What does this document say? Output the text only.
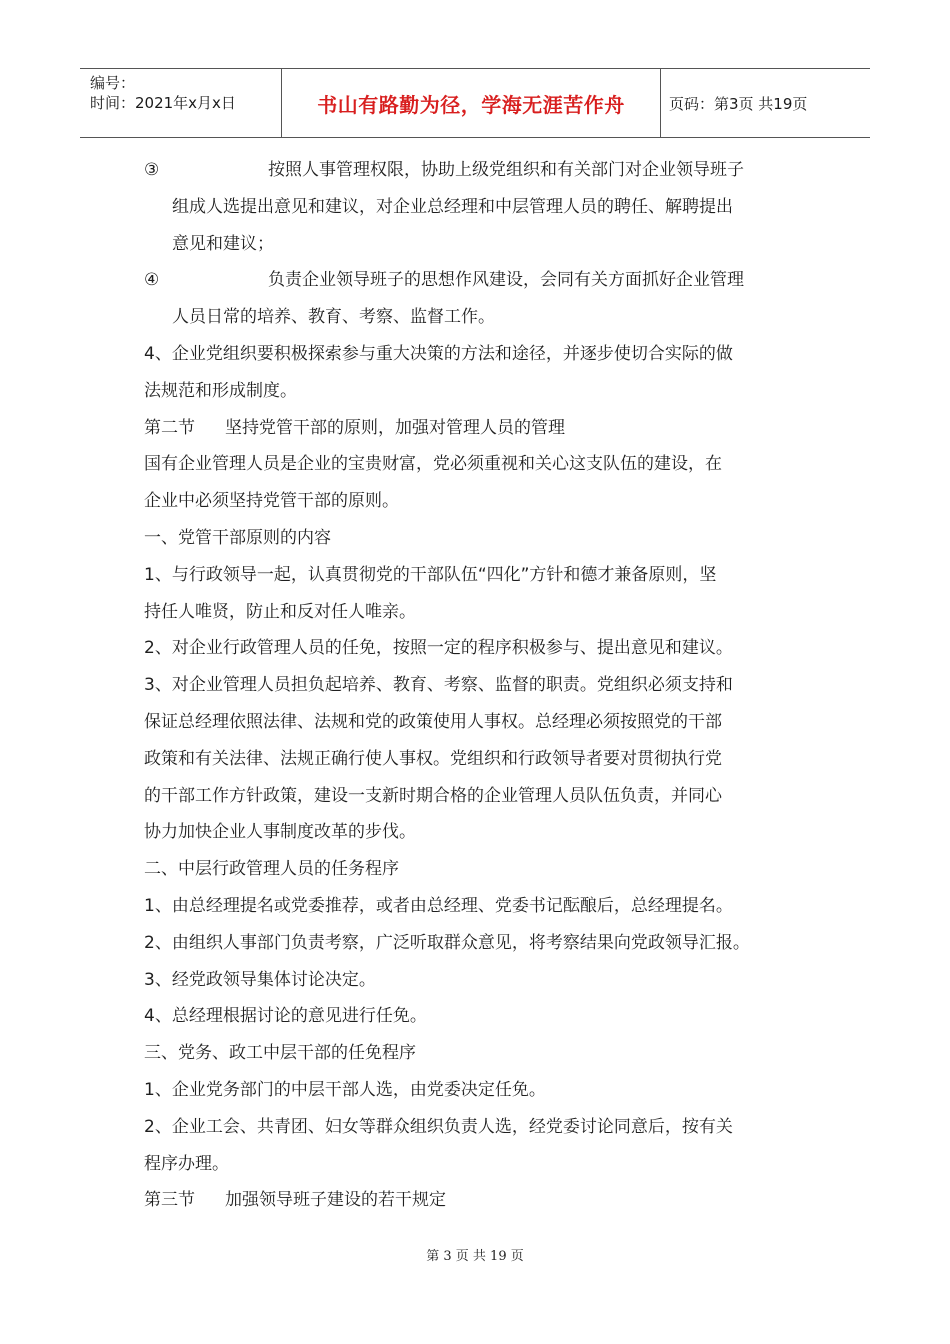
编号：
时间：2021年x月x日	书山有路勤为径，学海无涯苦作舟	页码：第3页 共19页
③	按照人事管理权限，协助上级党组织和有关部门对企业领导班子
组成人选提出意见和建议，对企业总经理和中层管理人员的聘任、解聘提出
意见和建议；
④	负责企业领导班子的思想作风建设，会同有关方面抓好企业管理
人员日常的培养、教育、考察、监督工作。
4、企业党组织要积极探索参与重大决策的方法和途径，并逐步使切合实际的做
法规范和形成制度。
第二节 坚持党管干部的原则，加强对管理人员的管理
国有企业管理人员是企业的宝贵财富，党必须重视和关心这支队伍的建设，在
企业中必须坚持党管干部的原则。
一、党管干部原则的内容
1、与行政领导一起，认真贯彻党的干部队伍“四化”方针和德才兼备原则，坚
持任人唯贤，防止和反对任人唯亲。
2、对企业行政管理人员的任免，按照一定的程序积极参与、提出意见和建议。
3、对企业管理人员担负起培养、教育、考察、监督的职责。党组织必须支持和
保证总经理依照法律、法规和党的政策使用人事权。总经理必须按照党的干部
政策和有关法律、法规正确行使人事权。党组织和行政领导者要对贯彻执行党
的干部工作方针政策，建设一支新时期合格的企业管理人员队伍负责，并同心
协力加快企业人事制度改革的步伐。
二、中层行政管理人员的任务程序
1、由总经理提名或党委推荐，或者由总经理、党委书记酝酿后，总经理提名。
2、由组织人事部门负责考察，广泛听取群众意见，将考察结果向党政领导汇报。
3、经党政领导集体讨论决定。
4、总经理根据讨论的意见进行任免。
三、党务、政工中层干部的任免程序
1、企业党务部门的中层干部人选，由党委决定任免。
2、企业工会、共青团、妇女等群众组织负责人选，经党委讨论同意后，按有关
程序办理。
第三节 加强领导班子建设的若干规定
第 3 页 共 19 页
